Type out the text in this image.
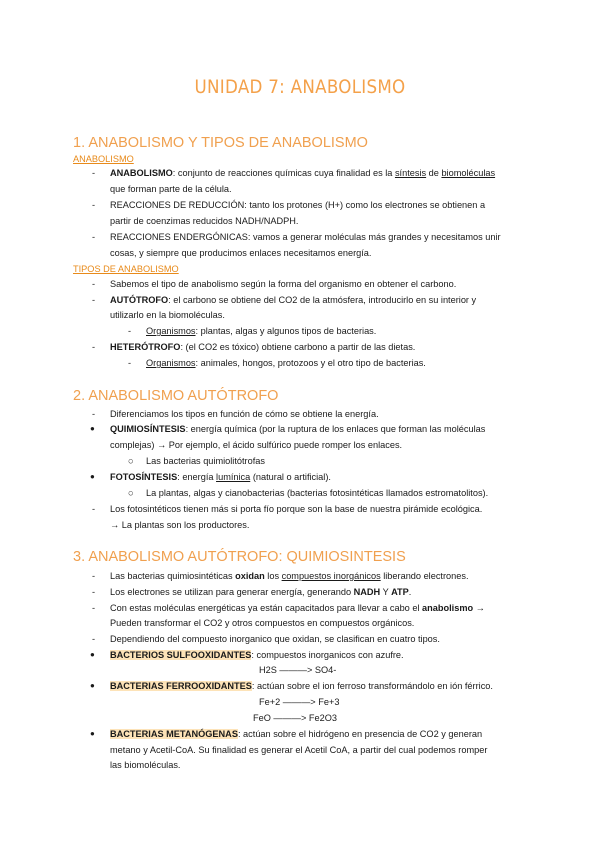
UNIDAD 7: ANABOLISMO
1. ANABOLISMO Y TIPOS DE ANABOLISMO
ANABOLISMO
- ANABOLISMO: conjunto de reacciones químicas cuya finalidad es la síntesis de biomoléculas
que forman parte de la célula.
- REACCIONES DE REDUCCIÓN: tanto los protones (H+) como los electrones se obtienen a
partir de coenzimas reducidos NADH/NADPH.
- REACCIONES ENDERGÓNICAS: vamos a generar moléculas más grandes y necesitamos unir
cosas, y siempre que producimos enlaces necesitamos energía.
TIPOS DE ANABOLISMO
- Sabemos el tipo de anabolismo según la forma del organismo en obtener el carbono.
- AUTÓTROFO: el carbono se obtiene del CO2 de la atmósfera, introducirlo en su interior y
utilizarlo en la biomoléculas.
- Organismos: plantas, algas y algunos tipos de bacterias.
- HETERÓTROFO: (el CO2 es tóxico) obtiene carbono a partir de las dietas.
- Organismos: animales, hongos, protozoos y el otro tipo de bacterias.
2. ANABOLISMO AUTÓTROFO
- Diferenciamos los tipos en función de cómo se obtiene la energía.
● QUIMIOSÍNTESIS: energía química (por la ruptura de los enlaces que forman las moléculas
complejas) → Por ejemplo, el ácido sulfúrico puede romper los enlaces.
○ Las bacterias quimiolitótrofas
● FOTOSÍNTESIS: energía lumínica (natural o artificial).
○ La plantas, algas y cianobacterias (bacterias fotosintéticas llamados estromatolitos).
- Los fotosintéticos tienen más si porta fío porque son la base de nuestra pirámide ecológica.
→ La plantas son los productores.
3. ANABOLISMO AUTÓTROFO: QUIMIOSINTESIS
- Las bacterias quimiosintéticas oxidan los compuestos inorgánicos liberando electrones.
- Los electrones se utilizan para generar energía, generando NADH Y ATP.
- Con estas moléculas energéticas ya están capacitados para llevar a cabo el anabolismo →
Pueden transformar el CO2 y otros compuestos en compuestos orgánicos.
- Dependiendo del compuesto inorganico que oxidan, se clasifican en cuatro tipos.
● BACTERIOS SULFOOXIDANTES: compuestos inorganicos con azufre.
H2S ———> SO4-
● BACTERIAS FERROOXIDANTES: actúan sobre el ion ferroso transformándolo en ión férrico.
Fe+2 ———> Fe+3
FeO ———> Fe2O3
● BACTERIAS METANÓGENAS: actúan sobre el hidrógeno en presencia de CO2 y generan
metano y Acetil-CoA. Su finalidad es generar el Acetil CoA, a partir del cual podemos romper
las biomoléculas.
